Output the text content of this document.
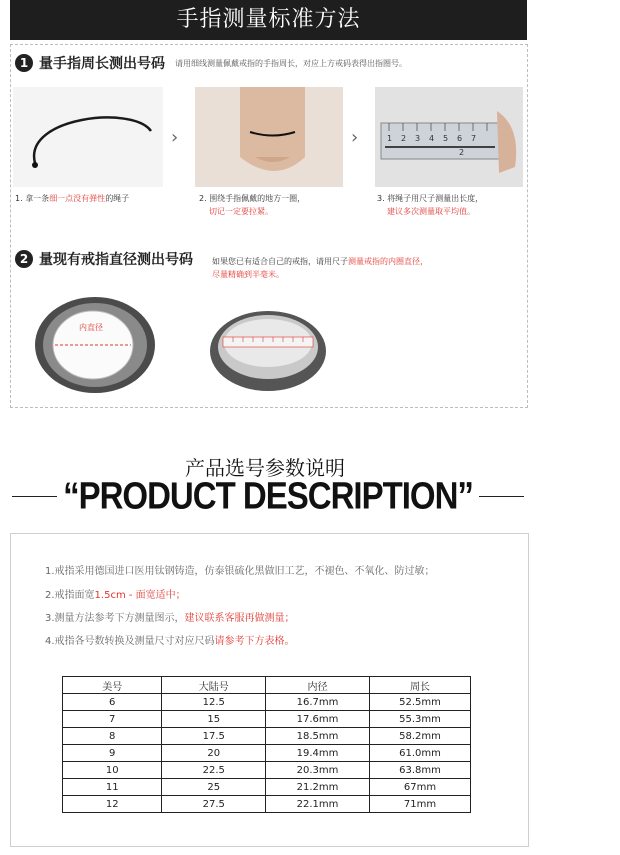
手指测量标准方法
1 量手指周长测出号码 请用细线测量佩戴戒指的手指周长，对应上方戒码表得出指圈号。
›	›	1 2 3 4 5 6 7
2
1. 拿一条细一点没有弹性的绳子	2. 围绕手指佩戴的地方一圈，
切记一定要拉紧。
3. 将绳子用尺子测量出长度，
建议多次测量取平均值。
2 量现有戒指直径测出号码 如果您已有适合自己的戒指，请用尺子测量戒指的内圈直径，
尽量精确到半毫米。
内直径
产品选号参数说明
“PRODUCT DESCRIPTION”
1.戒指采用德国进口医用钛钢铸造，仿泰银硫化黑做旧工艺，不褪色、不氧化、防过敏；
2.戒指面宽1.5cm - 面宽适中；
3.测量方法参考下方测量图示，建议联系客服再做测量；
4.戒指各号数转换及测量尺寸对应尺码请参考下方表格。
美号	大陆号	内径	周长
6	12.5	16.7mm	52.5mm
7	15	17.6mm	55.3mm
8	17.5	18.5mm	58.2mm
9	20	19.4mm	61.0mm
10	22.5	20.3mm	63.8mm
11	25	21.2mm	67mm
12	27.5	22.1mm	71mm
